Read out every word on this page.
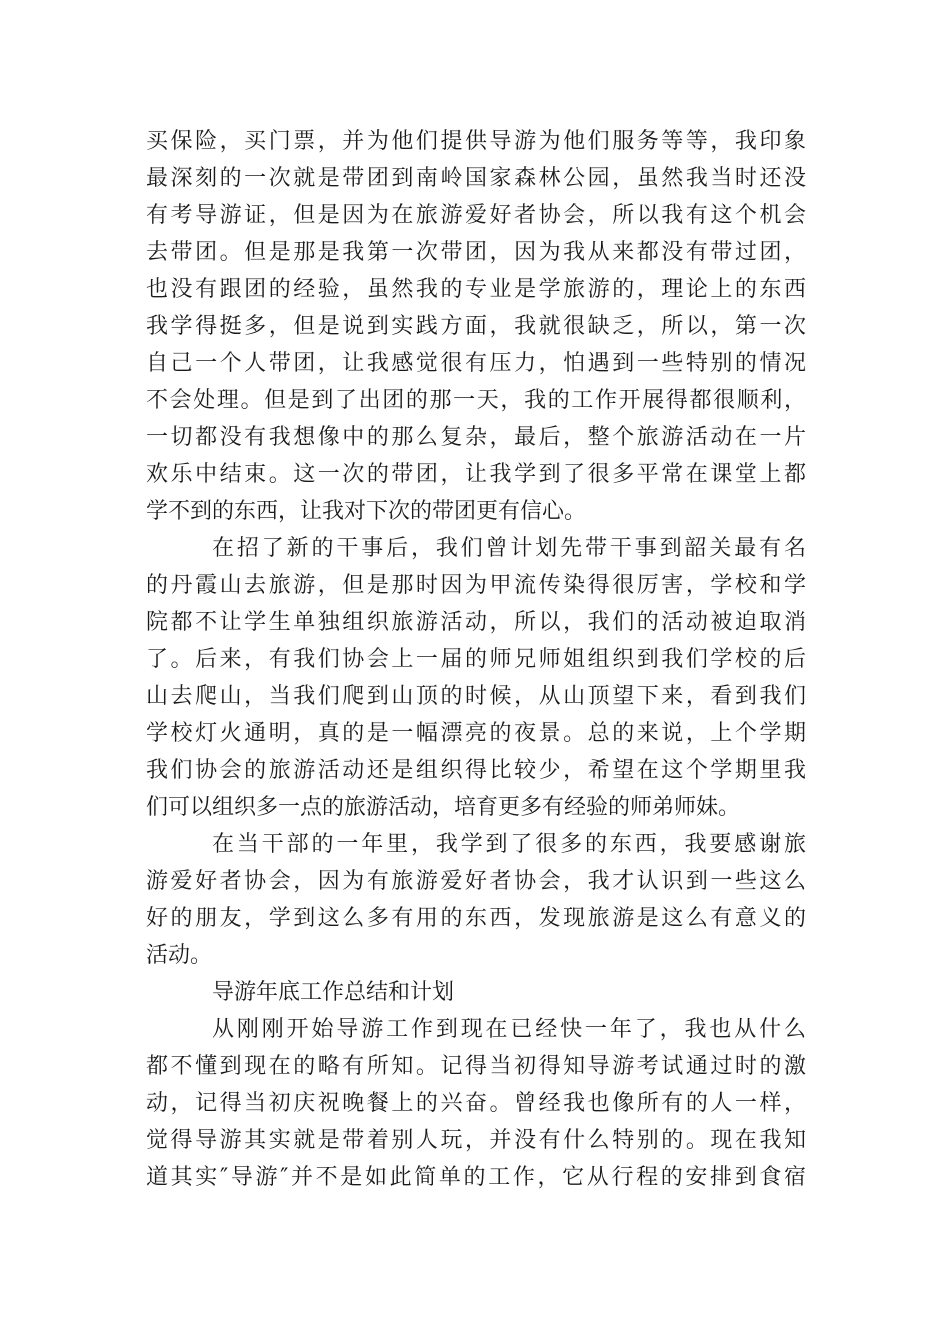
买保险，买门票，并为他们提供导游为他们服务等等，我印象
最深刻的一次就是带团到南岭国家森林公园，虽然我当时还没
有考导游证，但是因为在旅游爱好者协会，所以我有这个机会
去带团。但是那是我第一次带团，因为我从来都没有带过团，
也没有跟团的经验，虽然我的专业是学旅游的，理论上的东西
我学得挺多，但是说到实践方面，我就很缺乏，所以，第一次
自己一个人带团，让我感觉很有压力，怕遇到一些特别的情况
不会处理。但是到了出团的那一天，我的工作开展得都很顺利，
一切都没有我想像中的那么复杂，最后，整个旅游活动在一片
欢乐中结束。这一次的带团，让我学到了很多平常在课堂上都
学不到的东西，让我对下次的带团更有信心。
在招了新的干事后，我们曾计划先带干事到韶关最有名
的丹霞山去旅游，但是那时因为甲流传染得很厉害，学校和学
院都不让学生单独组织旅游活动，所以，我们的活动被迫取消
了。后来，有我们协会上一届的师兄师姐组织到我们学校的后
山去爬山，当我们爬到山顶的时候，从山顶望下来，看到我们
学校灯火通明，真的是一幅漂亮的夜景。总的来说，上个学期
我们协会的旅游活动还是组织得比较少，希望在这个学期里我
们可以组织多一点的旅游活动，培育更多有经验的师弟师妹。
在当干部的一年里，我学到了很多的东西，我要感谢旅
游爱好者协会，因为有旅游爱好者协会，我才认识到一些这么
好的朋友，学到这么多有用的东西，发现旅游是这么有意义的
活动。
导游年底工作总结和计划
从刚刚开始导游工作到现在已经快一年了，我也从什么
都不懂到现在的略有所知。记得当初得知导游考试通过时的激
动，记得当初庆祝晚餐上的兴奋。曾经我也像所有的人一样，
觉得导游其实就是带着别人玩，并没有什么特别的。现在我知
道其实″导游″并不是如此简单的工作，它从行程的安排到食宿
